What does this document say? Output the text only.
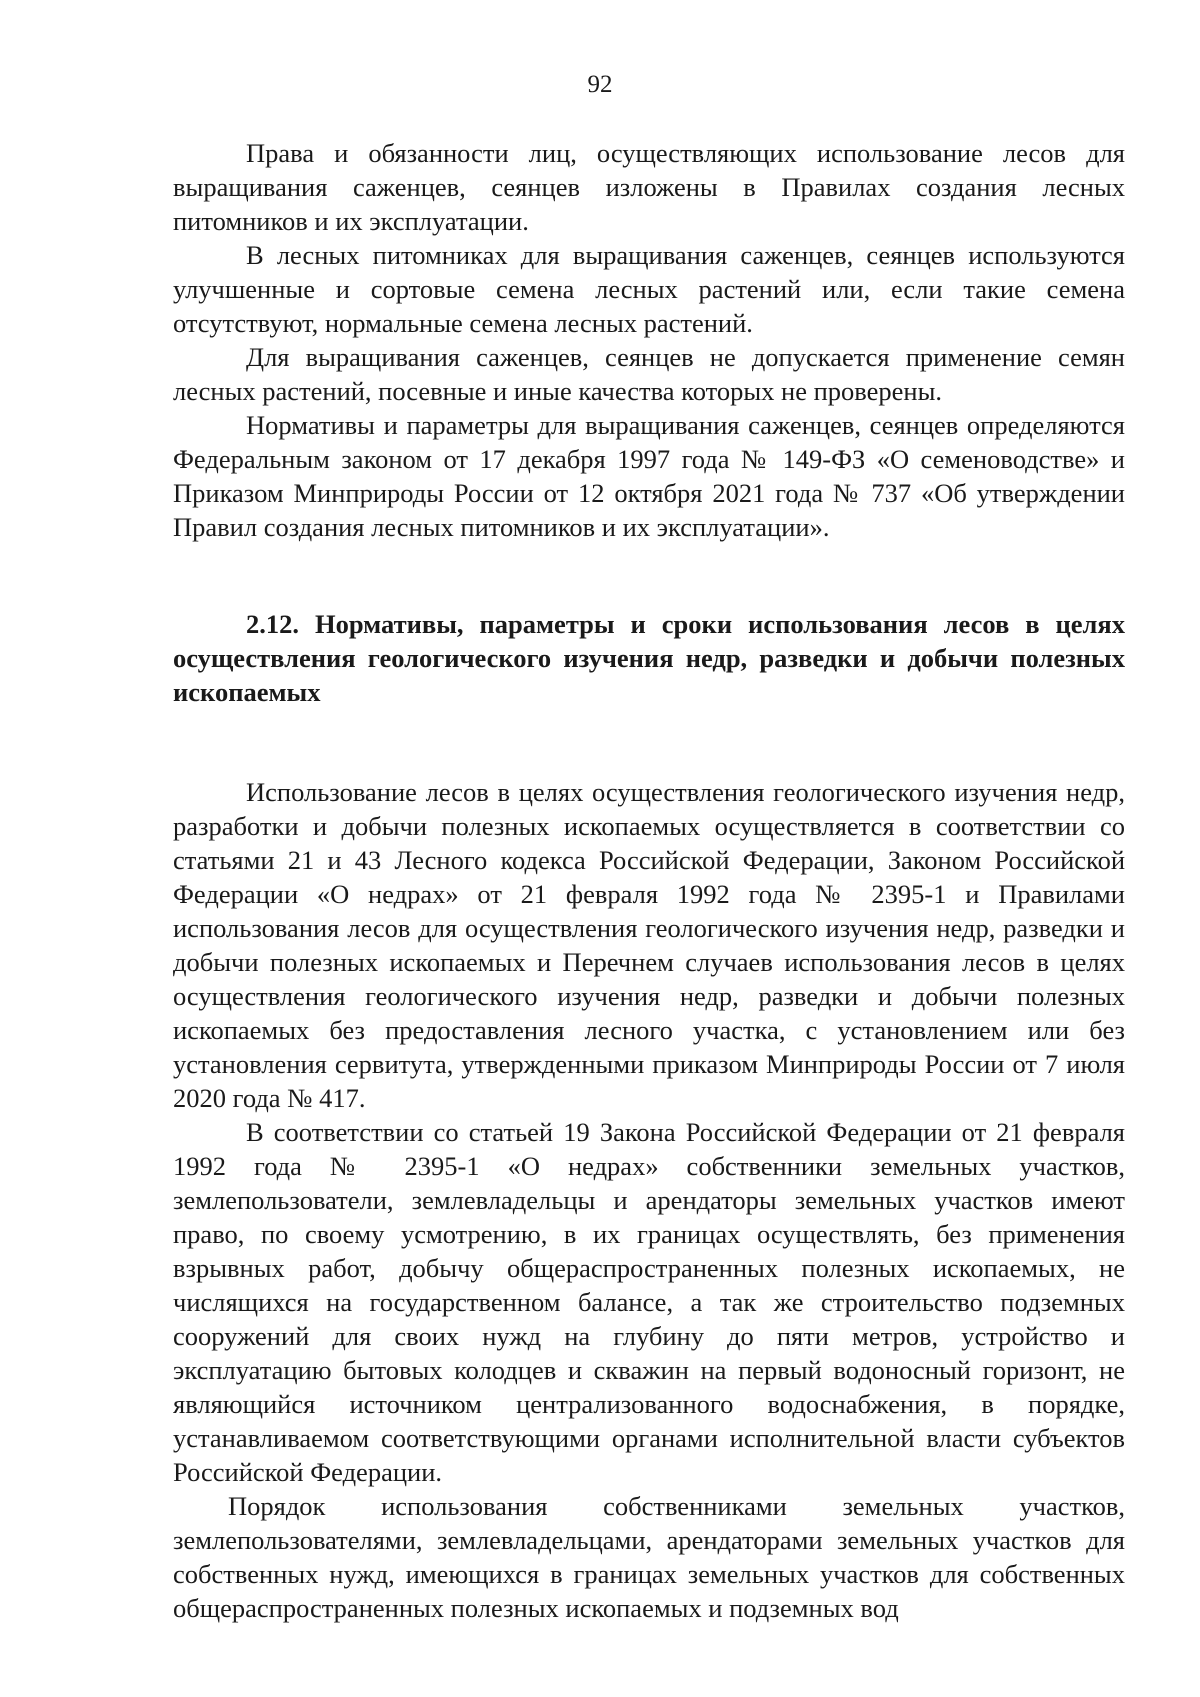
92

Права и обязанности лиц, осуществляющих использование лесов для выращивания саженцев, сеянцев изложены в Правилах создания лесных питомников и их эксплуатации.

В лесных питомниках для выращивания саженцев, сеянцев используются улучшенные и сортовые семена лесных растений или, если такие семена отсутствуют, нормальные семена лесных растений.

Для выращивания саженцев, сеянцев не допускается применение семян лесных растений, посевные и иные качества которых не проверены.

Нормативы и параметры для выращивания саженцев, сеянцев определяются Федеральным законом от 17 декабря 1997 года № 149-ФЗ «О семеноводстве» и Приказом Минприроды России от 12 октября 2021 года № 737 «Об утверждении Правил создания лесных питомников и их эксплуатации».

2.12. Нормативы, параметры и сроки использования лесов в целях осуществления геологического изучения недр, разведки и добычи полезных ископаемых

Использование лесов в целях осуществления геологического изучения недр, разработки и добычи полезных ископаемых осуществляется в соответствии со статьями 21 и 43 Лесного кодекса Российской Федерации, Законом Российской Федерации «О недрах» от 21 февраля 1992 года № 2395-1 и Правилами использования лесов для осуществления геологического изучения недр, разведки и добычи полезных ископаемых и Перечнем случаев использования лесов в целях осуществления геологического изучения недр, разведки и добычи полезных ископаемых без предоставления лесного участка, с установлением или без установления сервитута, утвержденными приказом Минприроды России от 7 июля 2020 года № 417.

В соответствии со статьей 19 Закона Российской Федерации от 21 февраля 1992 года № 2395-1 «О недрах» собственники земельных участков, землепользователи, землевладельцы и арендаторы земельных участков имеют право, по своему усмотрению, в их границах осуществлять, без применения взрывных работ, добычу общераспространенных полезных ископаемых, не числящихся на государственном балансе, а так же строительство подземных сооружений для своих нужд на глубину до пяти метров, устройство и эксплуатацию бытовых колодцев и скважин на первый водоносный горизонт, не являющийся источником централизованного водоснабжения, в порядке, устанавливаемом соответствующими органами исполнительной власти субъектов Российской Федерации.

Порядок использования собственниками земельных участков, землепользователями, землевладельцами, арендаторами земельных участков для собственных нужд, имеющихся в границах земельных участков для собственных общераспространенных полезных ископаемых и подземных вод
